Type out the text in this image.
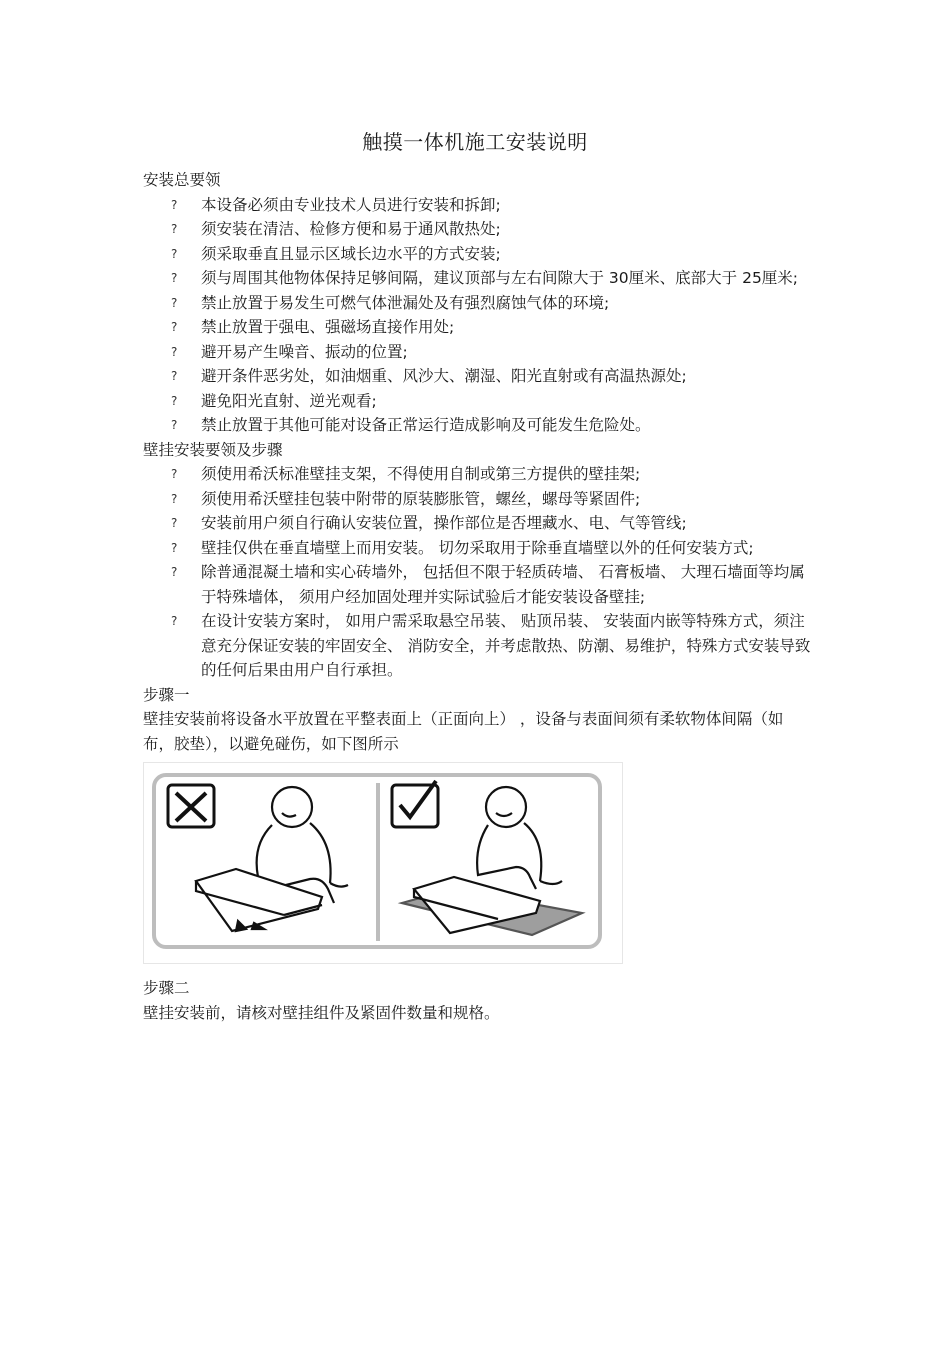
触摸一体机施工安装说明

安装总要领

? 本设备必须由专业技术人员进行安装和拆卸;
? 须安装在清洁、检修方便和易于通风散热处;
? 须采取垂直且显示区域长边水平的方式安装;
? 须与周围其他物体保持足够间隔，建议顶部与左右间隙大于 30厘米、底部大于 25厘米;
? 禁止放置于易发生可燃气体泄漏处及有强烈腐蚀气体的环境;
? 禁止放置于强电、强磁场直接作用处;
? 避开易产生噪音、振动的位置;
? 避开条件恶劣处，如油烟重、风沙大、潮湿、阳光直射或有高温热源处;
? 避免阳光直射、逆光观看;
? 禁止放置于其他可能对设备正常运行造成影响及可能发生危险处。

壁挂安装要领及步骤

? 须使用希沃标准壁挂支架，不得使用自制或第三方提供的壁挂架;
? 须使用希沃壁挂包装中附带的原装膨胀管，螺丝，螺母等紧固件;
? 安装前用户须自行确认安装位置，操作部位是否埋藏水、电、气等管线;
? 壁挂仅供在垂直墙壁上而用安装。 切勿采取用于除垂直墙壁以外的任何安装方式;
? 除普通混凝土墙和实心砖墙外， 包括但不限于轻质砖墙、 石膏板墙、 大理石墙面等均属于特殊墙体， 须用户经加固处理并实际试验后才能安装设备壁挂;
? 在设计安装方案时， 如用户需采取悬空吊装、 贴顶吊装、 安装面内嵌等特殊方式，须注意充分保证安装的牢固安全、 消防安全，并考虑散热、防潮、易维护，特殊方式安装导致的任何后果由用户自行承担。

步骤一

壁挂安装前将设备水平放置在平整表面上（正面向上） ，设备与表面间须有柔软物体间隔（如布，胶垫），以避免碰伤，如下图所示

步骤二

壁挂安装前，请核对壁挂组件及紧固件数量和规格。
